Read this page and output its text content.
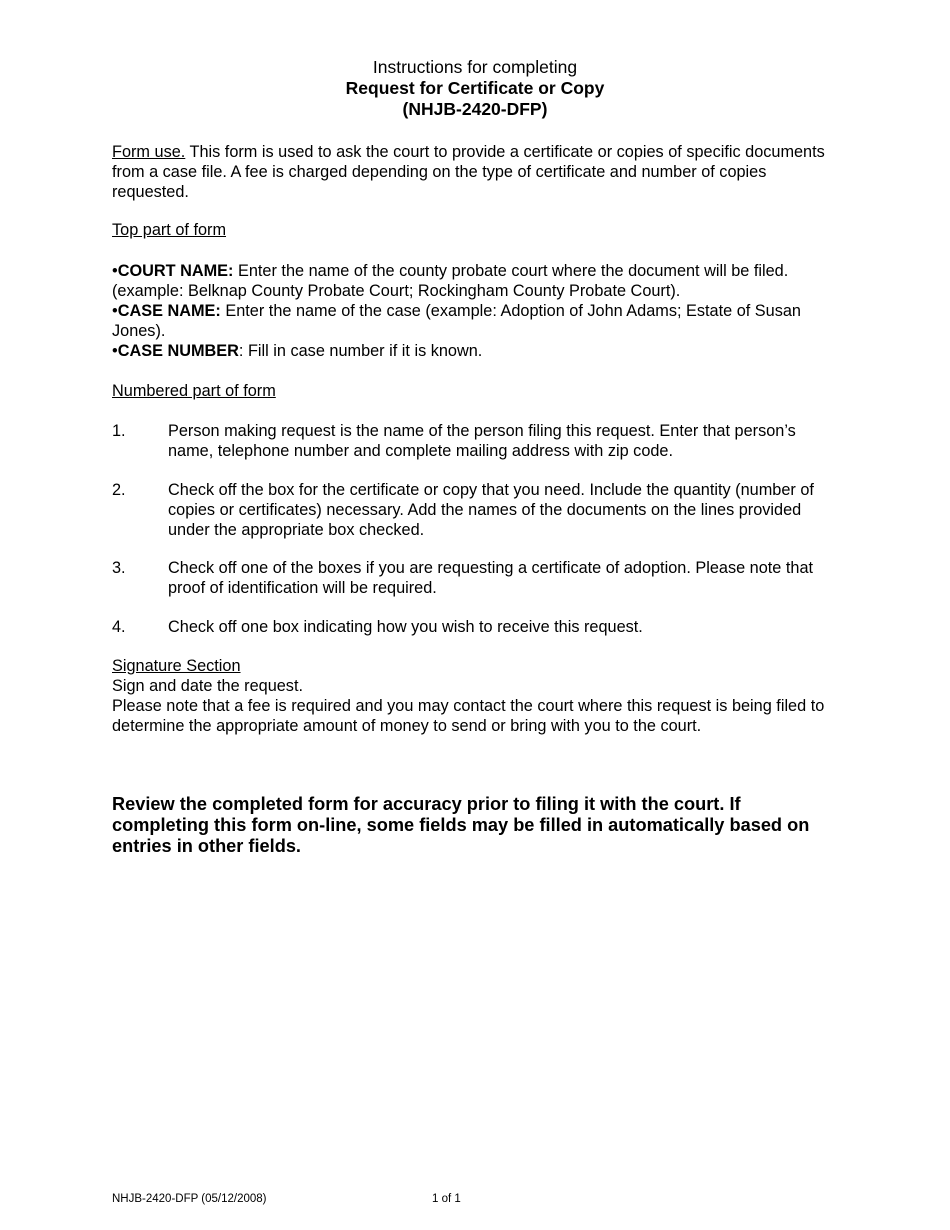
Instructions for completing
Request for Certificate or Copy
(NHJB-2420-DFP)
Form use. This form is used to ask the court to provide a certificate or copies of specific documents from a case file. A fee is charged depending on the type of certificate and number of copies requested.
Top part of form

•COURT NAME: Enter the name of the county probate court where the document will be filed. (example: Belknap County Probate Court; Rockingham County Probate Court).

•CASE NAME: Enter the name of the case (example: Adoption of John Adams; Estate of Susan Jones).

•CASE NUMBER: Fill in case number if it is known.

Numbered part of form
1.	Person making request is the name of the person filing this request. Enter that person’s name, telephone number and complete mailing address with zip code.
2.	Check off the box for the certificate or copy that you need. Include the quantity (number of copies or certificates) necessary. Add the names of the documents on the lines provided under the appropriate box checked.
3.	Check off one of the boxes if you are requesting a certificate of adoption. Please note that proof of identification will be required.
4.	Check off one box indicating how you wish to receive this request.
Signature Section
Sign and date the request.
Please note that a fee is required and you may contact the court where this request is being filed to determine the appropriate amount of money to send or bring with you to the court.
Review the completed form for accuracy prior to filing it with the court. If completing this form on-line, some fields may be filled in automatically based on entries in other fields.
NHJB-2420-DFP (05/12/2008)	1 of 1
